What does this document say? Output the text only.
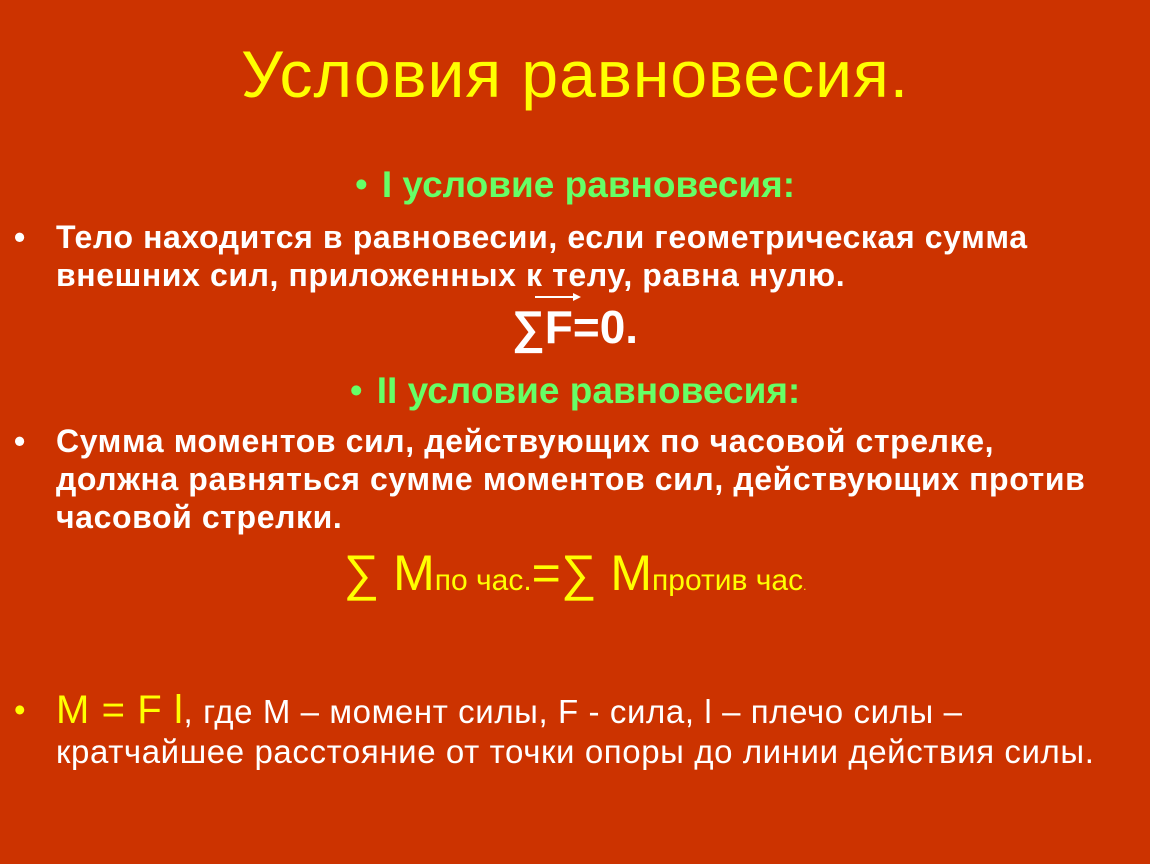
Условия равновесия.
• I условие равновесия:
• Тело находится в равновесии, если геометрическая сумма внешних сил, приложенных к телу, равна нулю.
∑
F=0.
• II условие равновесия:
• Сумма моментов сил, действующих по часовой стрелке, должна равняться сумме моментов сил, действующих против часовой стрелки.
∑ Mпо час.=∑ Mпротив час.
• M = F l, где M – момент силы, F - сила, l – плечо силы – кратчайшее расстояние от точки опоры до линии действия силы.
